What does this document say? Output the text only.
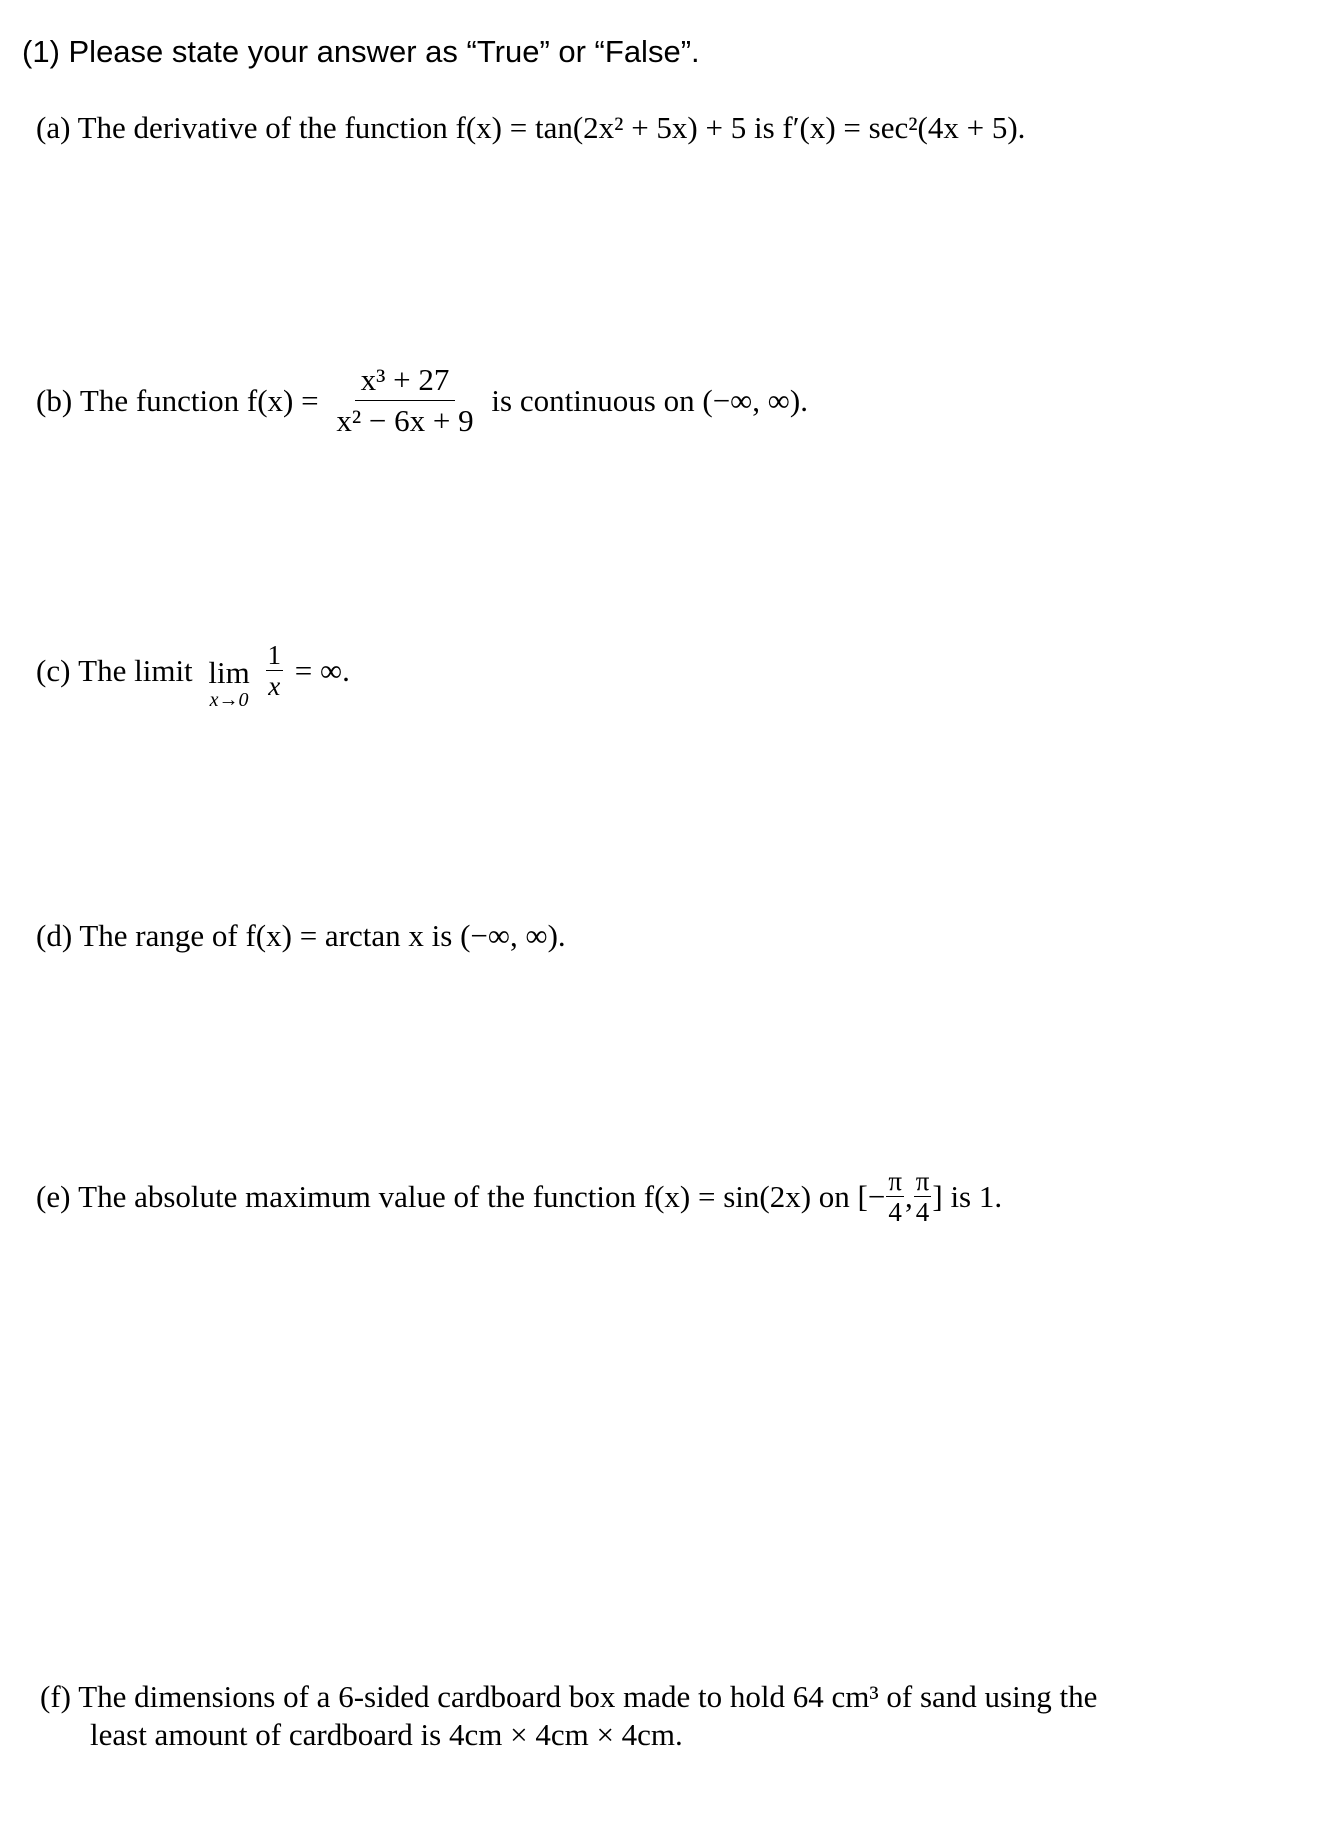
(1) Please state your answer as “True” or “False”.
(a) The derivative of the function f(x) = tan(2x² + 5x) + 5 is f′(x) = sec²(4x + 5).
(b) The function $f(x) = \frac{\text{x³ + 27}}{\text{x² − 6x + 9}}$ is continuous on (−∞, ∞).
(c) The limit lim
x→0
$\frac{1}{x}$ = ∞.
(d) The range of f(x) = arctan x is (−∞, ∞).
(e) The absolute maximum value of the function f(x) = sin(2x) on [− $\frac{\pi}{4}$ , $\frac{\pi}{4}$ ] is 1.
(f) The dimensions of a 6-sided cardboard box made to hold 64 cm³ of sand using the
least amount of cardboard is 4cm × 4cm × 4cm.
